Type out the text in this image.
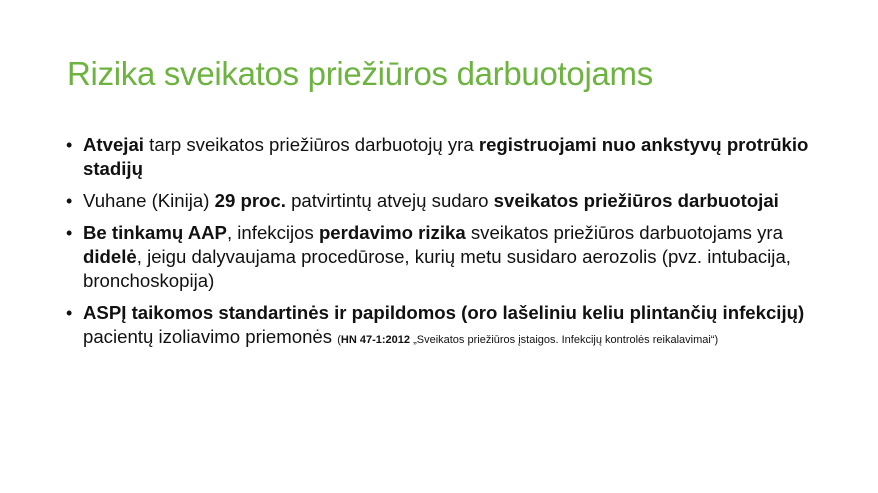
Rizika sveikatos priežiūros darbuotojams
• Atvejai tarp sveikatos priežiūros darbuotojų yra registruojami nuo ankstyvų protrūkio stadijų
• Vuhane (Kinija) 29 proc. patvirtintų atvejų sudaro sveikatos priežiūros darbuotojai
• Be tinkamų AAP, infekcijos perdavimo rizika sveikatos priežiūros darbuotojams yra didelė, jeigu dalyvaujama procedūrose, kurių metu susidaro aerozolis (pvz. intubacija, bronchoskopija)
• ASPĮ taikomos standartinės ir papildomos (oro lašeliniu keliu plintančių infekcijų) pacientų izoliavimo priemonės (HN 47-1:2012 „Sveikatos priežiūros įstaigos. Infekcijų kontrolės reikalavimai“)
